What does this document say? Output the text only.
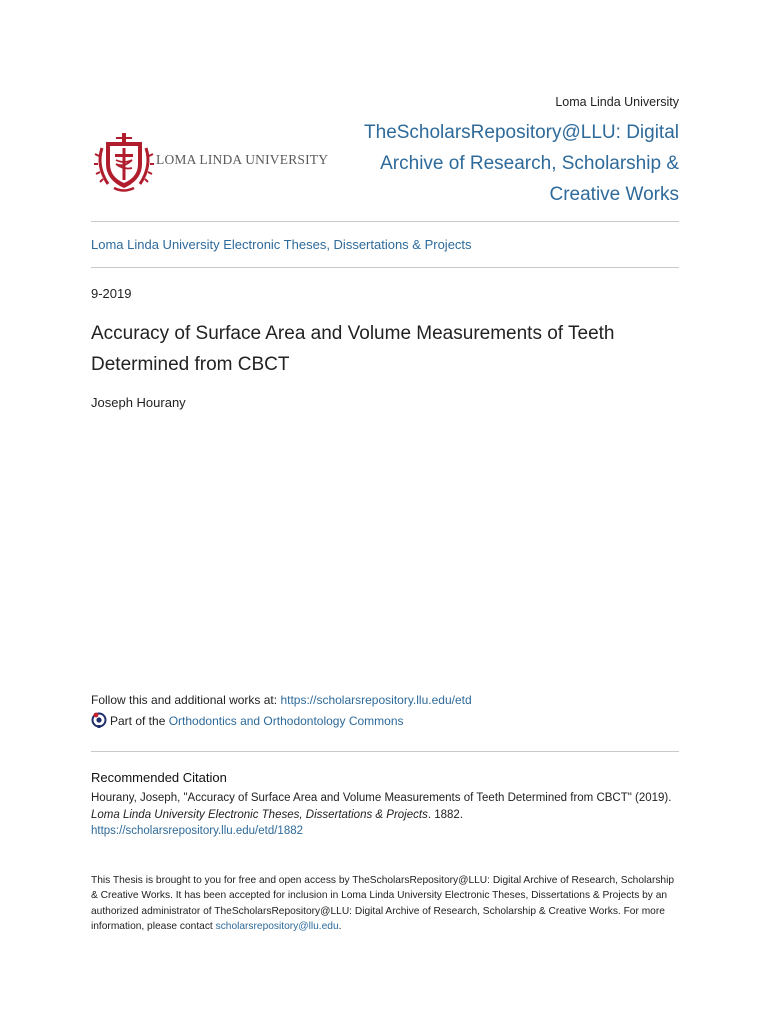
Loma Linda University
TheScholarsRepository@LLU: Digital Archive of Research, Scholarship & Creative Works
LOMA LINDA UNIVERSITY
Loma Linda University Electronic Theses, Dissertations & Projects
9-2019
Accuracy of Surface Area and Volume Measurements of Teeth Determined from CBCT
Joseph Hourany
Follow this and additional works at: https://scholarsrepository.llu.edu/etd
Part of the Orthodontics and Orthodontology Commons
Recommended Citation
Hourany, Joseph, "Accuracy of Surface Area and Volume Measurements of Teeth Determined from CBCT" (2019). Loma Linda University Electronic Theses, Dissertations & Projects. 1882.
https://scholarsrepository.llu.edu/etd/1882
This Thesis is brought to you for free and open access by TheScholarsRepository@LLU: Digital Archive of Research, Scholarship & Creative Works. It has been accepted for inclusion in Loma Linda University Electronic Theses, Dissertations & Projects by an authorized administrator of TheScholarsRepository@LLU: Digital Archive of Research, Scholarship & Creative Works. For more information, please contact scholarsrepository@llu.edu.
